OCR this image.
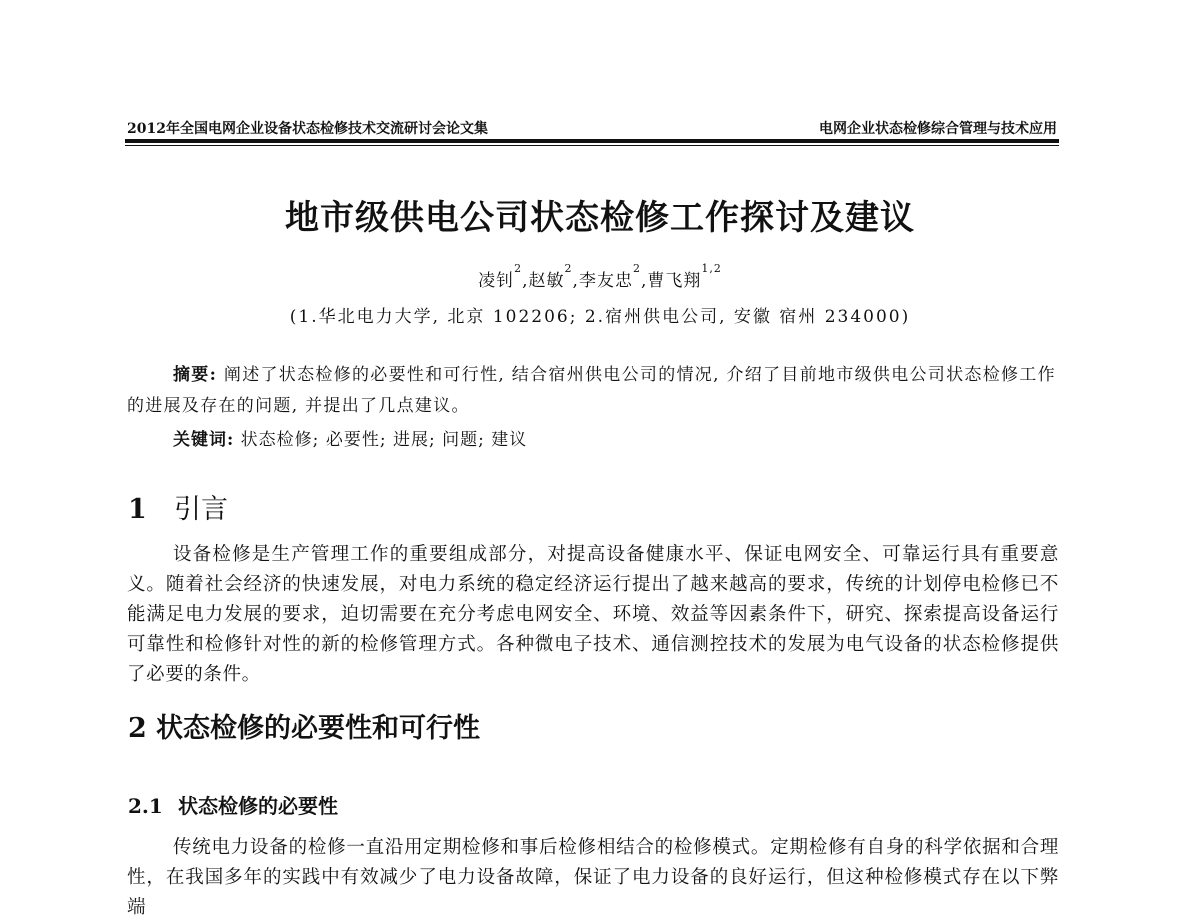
2012年全国电网企业设备状态检修技术交流研讨会论文集	电网企业状态检修综合管理与技术应用
地市级供电公司状态检修工作探讨及建议
凌钊$^2$,赵敏$^2$,李友忠$^2$,曹飞翔$^{1,2}$
(1.华北电力大学, 北京 102206; 2.宿州供电公司, 安徽 宿州 234000)

摘要: 阐述了状态检修的必要性和可行性, 结合宿州供电公司的情况, 介绍了目前地市级供电公司状态检修工作的进展及存在的问题, 并提出了几点建议。

关键词: 状态检修; 必要性; 进展; 问题; 建议
1 引言

设备检修是生产管理工作的重要组成部分，对提高设备健康水平、保证电网安全、可靠运行具有重要意义。随着社会经济的快速发展，对电力系统的稳定经济运行提出了越来越高的要求，传统的计划停电检修已不能满足电力发展的要求，迫切需要在充分考虑电网安全、环境、效益等因素条件下，研究、探索提高设备运行可靠性和检修针对性的新的检修管理方式。各种微电子技术、通信测控技术的发展为电气设备的状态检修提供了必要的条件。

2 状态检修的必要性和可行性
2.1 状态检修的必要性

传统电力设备的检修一直沿用定期检修和事后检修相结合的检修模式。定期检修有自身的科学依据和合理性，在我国多年的实践中有效减少了电力设备故障，保证了电力设备的良好运行，但这种检修模式存在以下弊端
